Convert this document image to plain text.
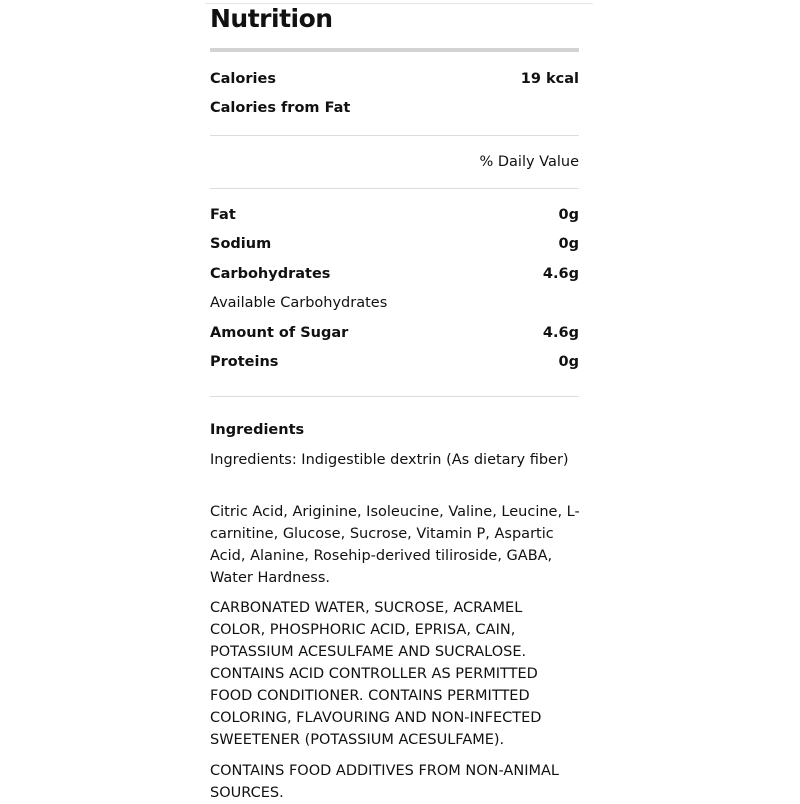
Nutrition
Calories	19 kcal
Calories from Fat
% Daily Value
Fat	0g
Sodium	0g
Carbohydrates	4.6g
Available Carbohydrates
Amount of Sugar	4.6g
Proteins	0g
Ingredients

Ingredients: Indigestible dextrin (As dietary fiber)

Citric Acid, Ariginine, Isoleucine, Valine, Leucine, L-carnitine, Glucose, Sucrose, Vitamin P, Aspartic Acid, Alanine, Rosehip-derived tiliroside, GABA, Water Hardness.

CARBONATED WATER, SUCROSE, ACRAMEL COLOR, PHOSPHORIC ACID, EPRISA, CAIN, POTASSIUM ACESULFAME AND SUCRALOSE. CONTAINS ACID CONTROLLER AS PERMITTED FOOD CONDITIONER. CONTAINS PERMITTED COLORING, FLAVOURING AND NON-INFECTED SWEETENER (POTASSIUM ACESULFAME).

CONTAINS FOOD ADDITIVES FROM NON-ANIMAL SOURCES.
